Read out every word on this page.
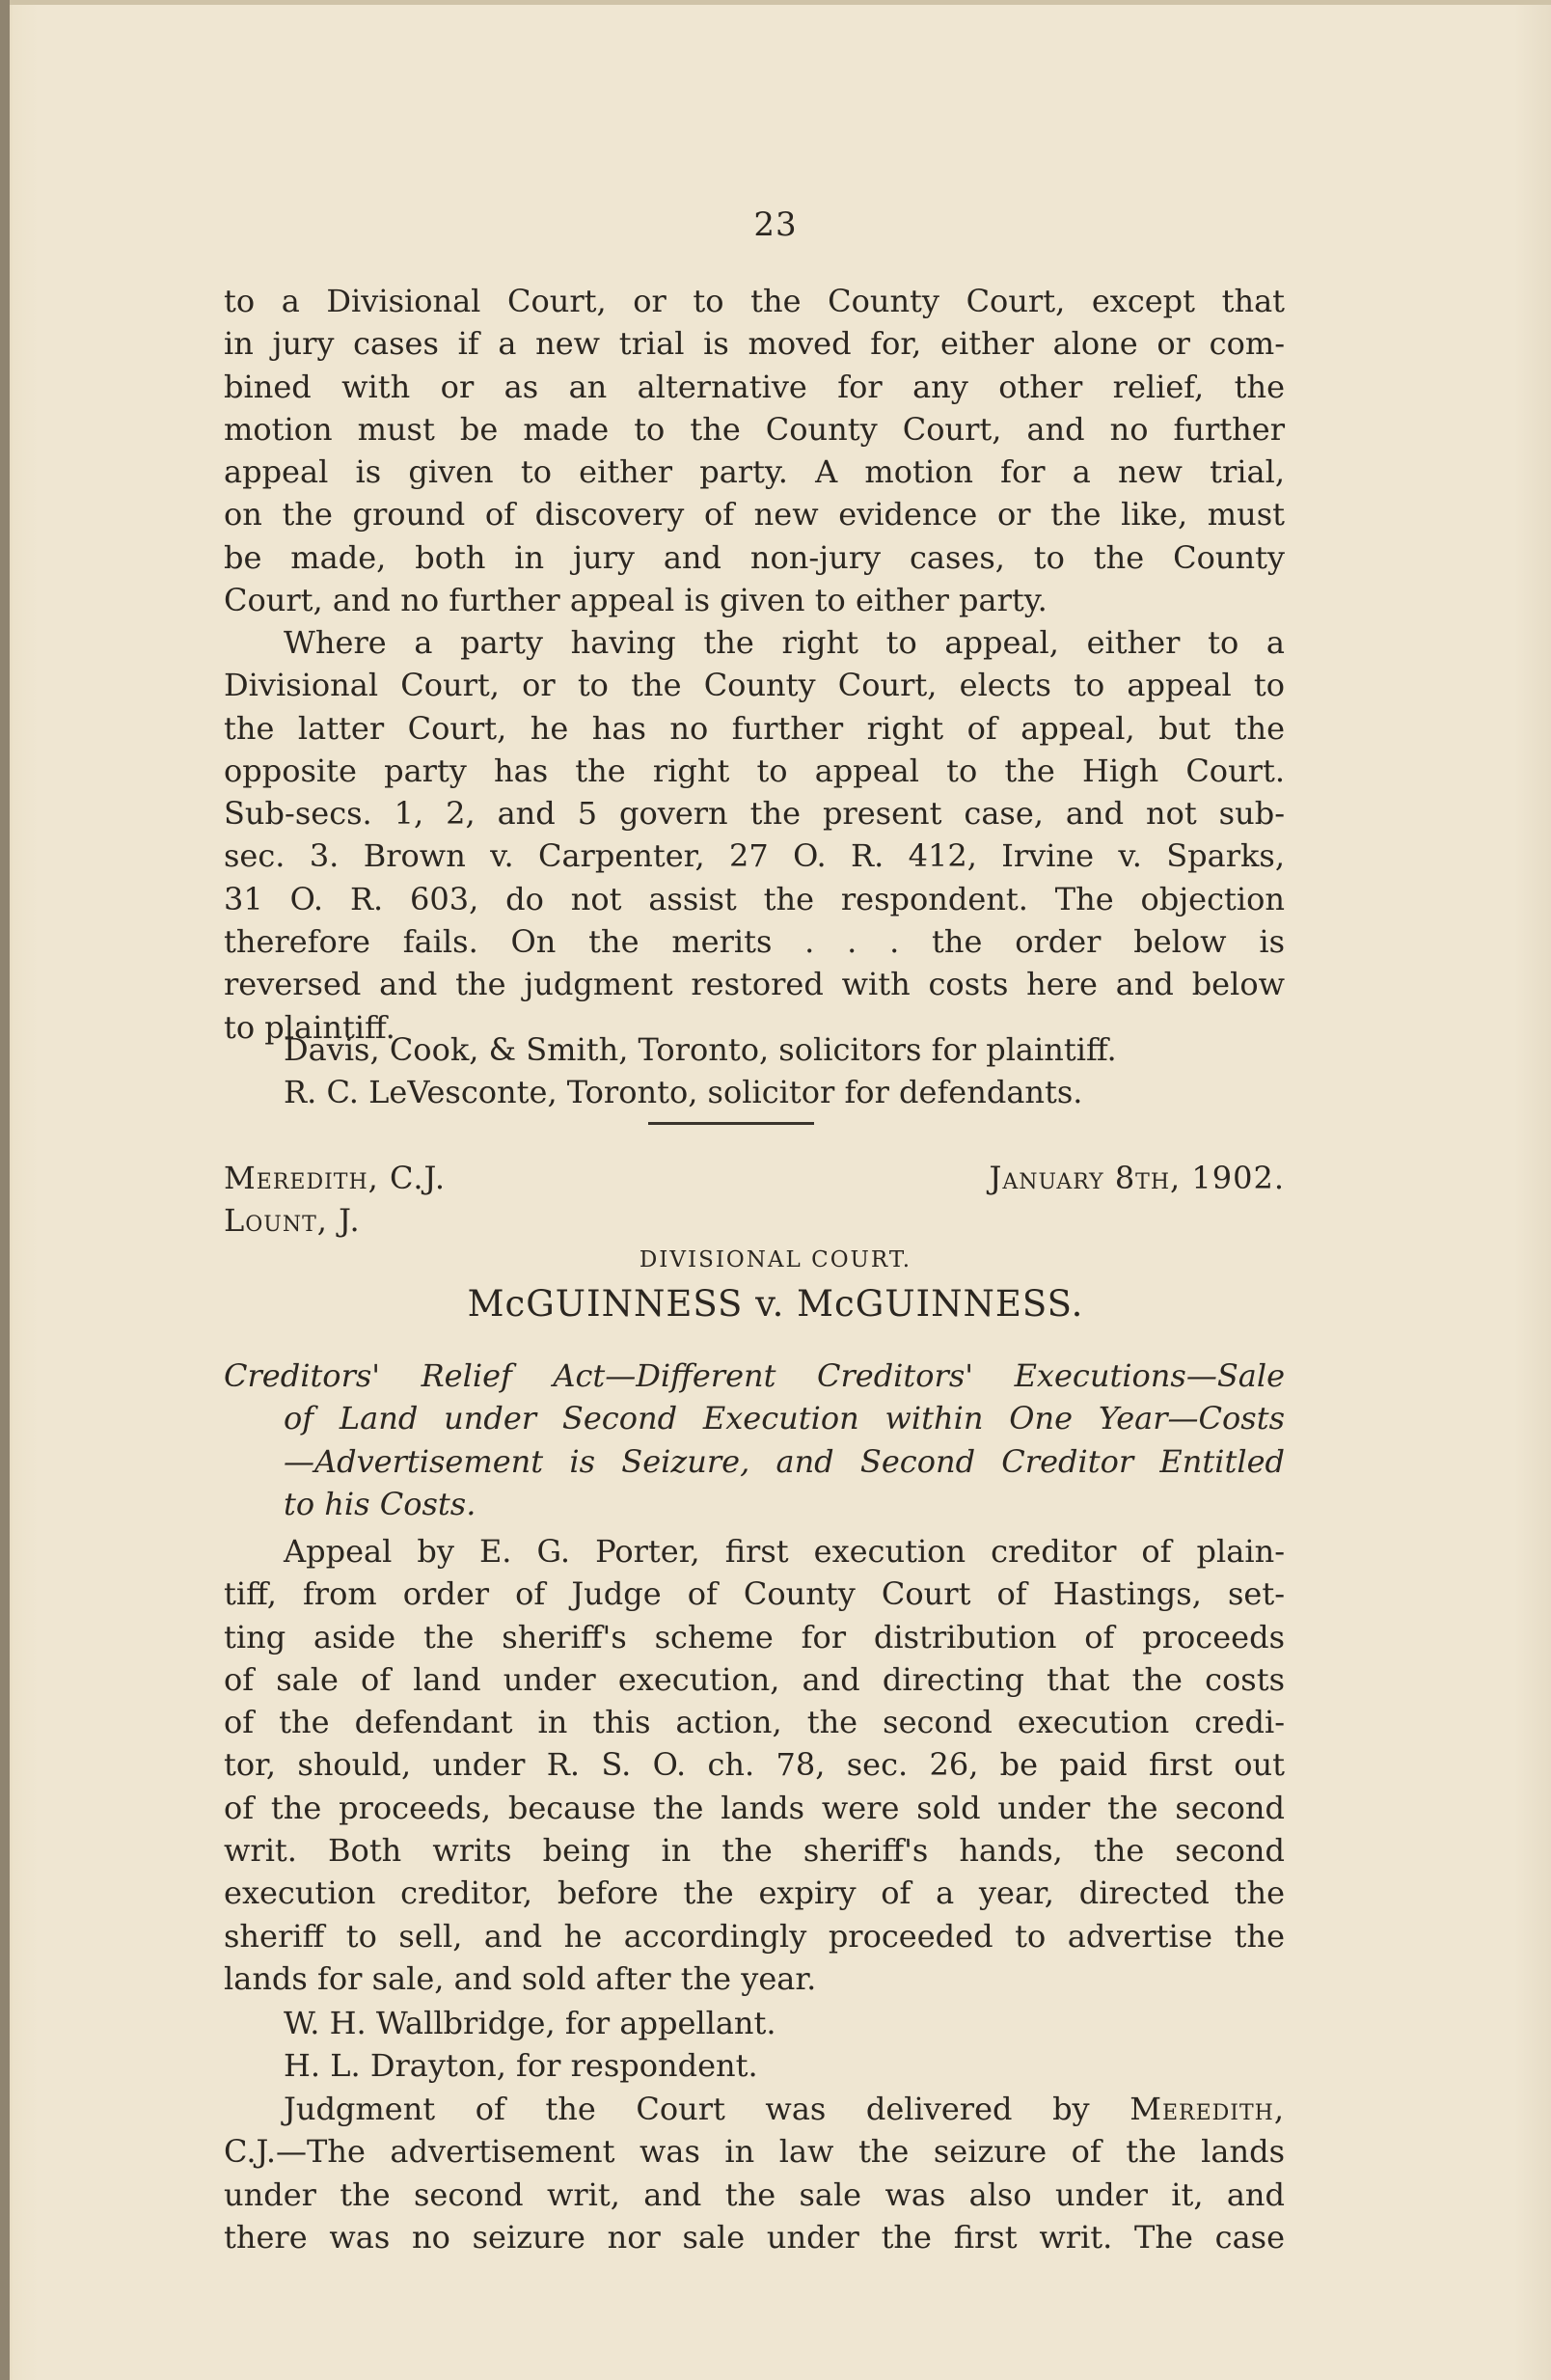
23

to a Divisional Court, or to the County Court, except that

in jury cases if a new trial is moved for, either alone or com-

bined with or as an alternative for any other relief, the

motion must be made to the County Court, and no further

appeal is given to either party. A motion for a new trial,

on the ground of discovery of new evidence or the like, must

be made, both in jury and non-jury cases, to the County

Court, and no further appeal is given to either party.

Where a party having the right to appeal, either to a

Divisional Court, or to the County Court, elects to appeal to

the latter Court, he has no further right of appeal, but the

opposite party has the right to appeal to the High Court.

Sub-secs. 1, 2, and 5 govern the present case, and not sub-

sec. 3. Brown v. Carpenter, 27 O. R. 412, Irvine v. Sparks,

31 O. R. 603, do not assist the respondent. The objection

therefore fails. On the merits . . . the order below is

reversed and the judgment restored with costs here and below

to plaintiff.

Davis, Cook, & Smith, Toronto, solicitors for plaintiff.

R. C. LeVesconte, Toronto, solicitor for defendants.

Meredith, C.J.	January 8th, 1902.
Lount, J.
DIVISIONAL COURT.
McGUINNESS v. McGUINNESS.

Creditors' Relief Act—Different Creditors' Executions—Sale

of Land under Second Execution within One Year—Costs

—Advertisement is Seizure, and Second Creditor Entitled

to his Costs.

Appeal by E. G. Porter, first execution creditor of plain-

tiff, from order of Judge of County Court of Hastings, set-

ting aside the sheriff's scheme for distribution of proceeds

of sale of land under execution, and directing that the costs

of the defendant in this action, the second execution credi-

tor, should, under R. S. O. ch. 78, sec. 26, be paid first out

of the proceeds, because the lands were sold under the second

writ. Both writs being in the sheriff's hands, the second

execution creditor, before the expiry of a year, directed the

sheriff to sell, and he accordingly proceeded to advertise the

lands for sale, and sold after the year.

W. H. Wallbridge, for appellant.

H. L. Drayton, for respondent.

Judgment of the Court was delivered by Meredith,

C.J.—The advertisement was in law the seizure of the lands

under the second writ, and the sale was also under it, and

there was no seizure nor sale under the first writ. The case
